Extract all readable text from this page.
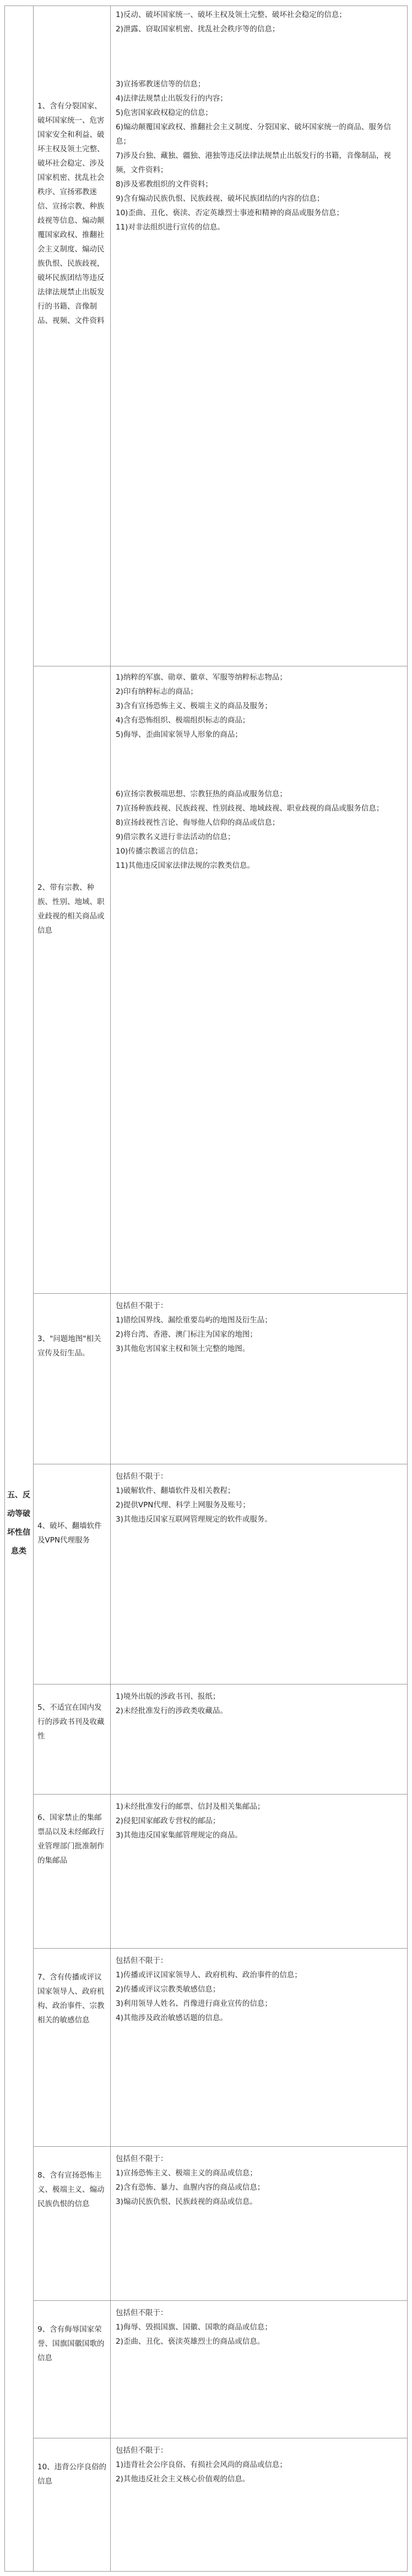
五、反动等破坏性信息类
1)反动、破坏国家统一、破坏主权及领土完整、破坏社会稳定的信息；
2)泄露、窃取国家机密、扰乱社会秩序等的信息；
1、含有分裂国家、破坏国家统一、危害国家安全和利益、破坏主权及领土完整、破坏社会稳定、涉及国家机密、扰乱社会秩序、宣扬邪教迷信、宣扬宗教、种族歧视等信息、煽动颠覆国家政权、推翻社会主义制度、煽动民族仇恨、民族歧视，破坏民族团结等违反法律法规禁止出版发行的书籍、音像制品、视频、文件资料
3)宣扬邪教迷信等的信息；
4)法律法规禁止出版发行的内容；
5)危害国家政权稳定的信息；
6)煽动颠覆国家政权、推翻社会主义制度、分裂国家、破坏国家统一的商品、服务信息；
7)涉及台独、藏独、疆独、港独等违反法律法规禁止出版发行的书籍，音像制品，视频，文件资料；
8)涉及邪教组织的文件资料；
9)含有煽动民族仇恨、民族歧视、破坏民族团结的内容的信息；
10)歪曲、丑化、亵渎、否定英雄烈士事迹和精神的商品或服务信息；
11)对非法组织进行宣传的信息。
1)纳粹的军旗、勋章、徽章、军服等纳粹标志物品；
2)印有纳粹标志的商品；
3)含有宣扬恐怖主义、极端主义的商品及服务；
4)含有恐怖组织、极端组织标志的商品；
5)侮辱、歪曲国家领导人形象的商品；
2、带有宗教、种族、性别、地域、职业歧视的相关商品或信息
6)宣扬宗教极端思想、宗教狂热的商品或服务信息；
7)宣扬种族歧视、民族歧视、性别歧视、地域歧视、职业歧视的商品或服务信息；
8)宣扬歧视性言论、侮辱他人信仰的商品或信息；
9)借宗教名义进行非法活动的信息；
10)传播宗教谣言的信息；
11)其他违反国家法律法规的宗教类信息。
3、"问题地图"相关宣传及衍生品。
包括但不限于：
1)错绘国界线、漏绘重要岛屿的地图及衍生品；
2)将台湾、香港、澳门标注为国家的地图；
3)其他危害国家主权和领土完整的地图。
4、破坏、翻墙软件及VPN代理服务
包括但不限于：
1)破解软件、翻墙软件及相关教程；
2)提供VPN代理、科学上网服务及账号；
3)其他违反国家互联网管理规定的软件或服务。
5、不适宜在国内发行的涉政书刊及收藏性
1)境外出版的涉政书刊、报纸；
2)未经批准发行的涉政类收藏品。
6、国家禁止的集邮票品以及未经邮政行业管理部门批准制作的集邮品
1)未经批准发行的邮票、信封及相关集邮品；
2)侵犯国家邮政专营权的邮品；
3)其他违反国家集邮管理规定的商品。
7、含有传播或评议国家领导人、政府机构、政治事件、宗教相关的敏感信息
包括但不限于：
1)传播或评议国家领导人、政府机构、政治事件的信息；
2)传播或评议宗教类敏感信息；
3)利用领导人姓名、肖像进行商业宣传的信息；
4)其他涉及政治敏感话题的信息。
8、含有宣扬恐怖主义、极端主义、煽动民族仇恨的信息
包括但不限于：
1)宣扬恐怖主义、极端主义的商品或信息；
2)含有恐怖、暴力、血腥内容的商品或信息；
3)煽动民族仇恨、民族歧视的商品或信息。
9、含有侮辱国家荣誉、国旗国徽国歌的信息
包括但不限于：
1)侮辱、毁损国旗、国徽、国歌的商品或信息；
2)歪曲、丑化、亵渎英雄烈士的商品或信息。
10、违背公序良俗的信息
包括但不限于：
1)违背社会公序良俗、有损社会风尚的商品或信息；
2)其他违反社会主义核心价值观的信息。
